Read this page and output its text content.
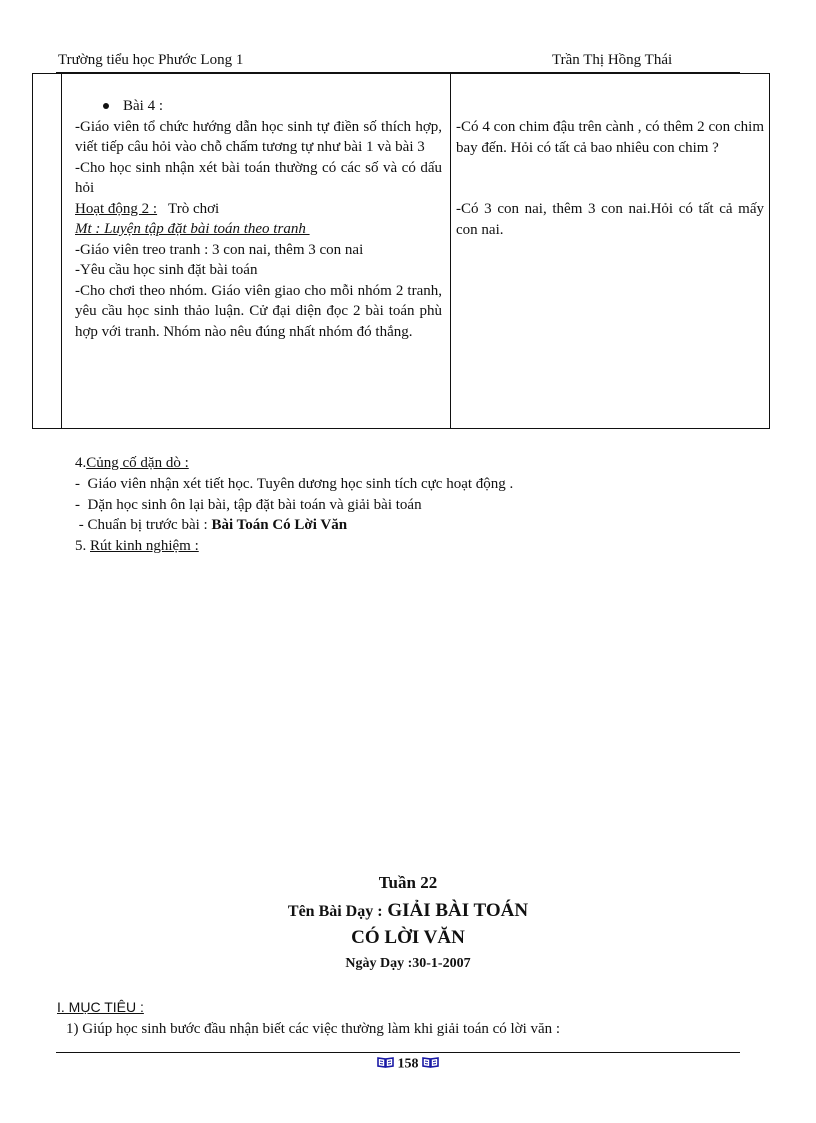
Trường tiểu học Phước Long 1	Trần Thị Hồng Thái
Bài 4 :
-Giáo viên tổ chức hướng dẫn học sinh tự điền số thích hợp, viết tiếp câu hỏi vào chỗ chấm tương tự như bài 1 và bài 3
-Cho học sinh nhận xét bài toán thường có các số và có dấu hỏi
Hoạt động 2 :   Trò chơi
Mt : Luyện tập đặt bài toán theo tranh
-Giáo viên treo tranh : 3 con nai, thêm 3 con nai
-Yêu cầu học sinh đặt bài toán
-Cho chơi theo nhóm. Giáo viên giao cho mỗi nhóm 2 tranh, yêu cầu học sinh thảo luận. Cử đại diện đọc 2 bài toán phù hợp với tranh. Nhóm nào nêu đúng nhất nhóm đó thắng.
-Có 4 con chim đậu trên cành , có thêm 2 con chim bay đến. Hỏi có tất cả bao nhiêu con chim ?
-Có 3 con nai, thêm 3 con nai.Hỏi có tất cả mấy con nai.
4.Củng cố dặn dò :
-  Giáo viên nhận xét tiết học. Tuyên dương học sinh tích cực hoạt động .
-  Dặn học sinh ôn lại bài, tập đặt bài toán và giải bài toán
- Chuẩn bị trước bài : Bài Toán Có Lời Văn
5. Rút kinh nghiệm :
Tuần 22
Tên Bài Dạy : GIẢI BÀI TOÁN
CÓ LỜI VĂN
Ngày Dạy :30-1-2007
I. MỤC TIÊU :
1) Giúp học sinh bước đầu nhận biết các việc thường làm khi giải toán có lời văn :
158
